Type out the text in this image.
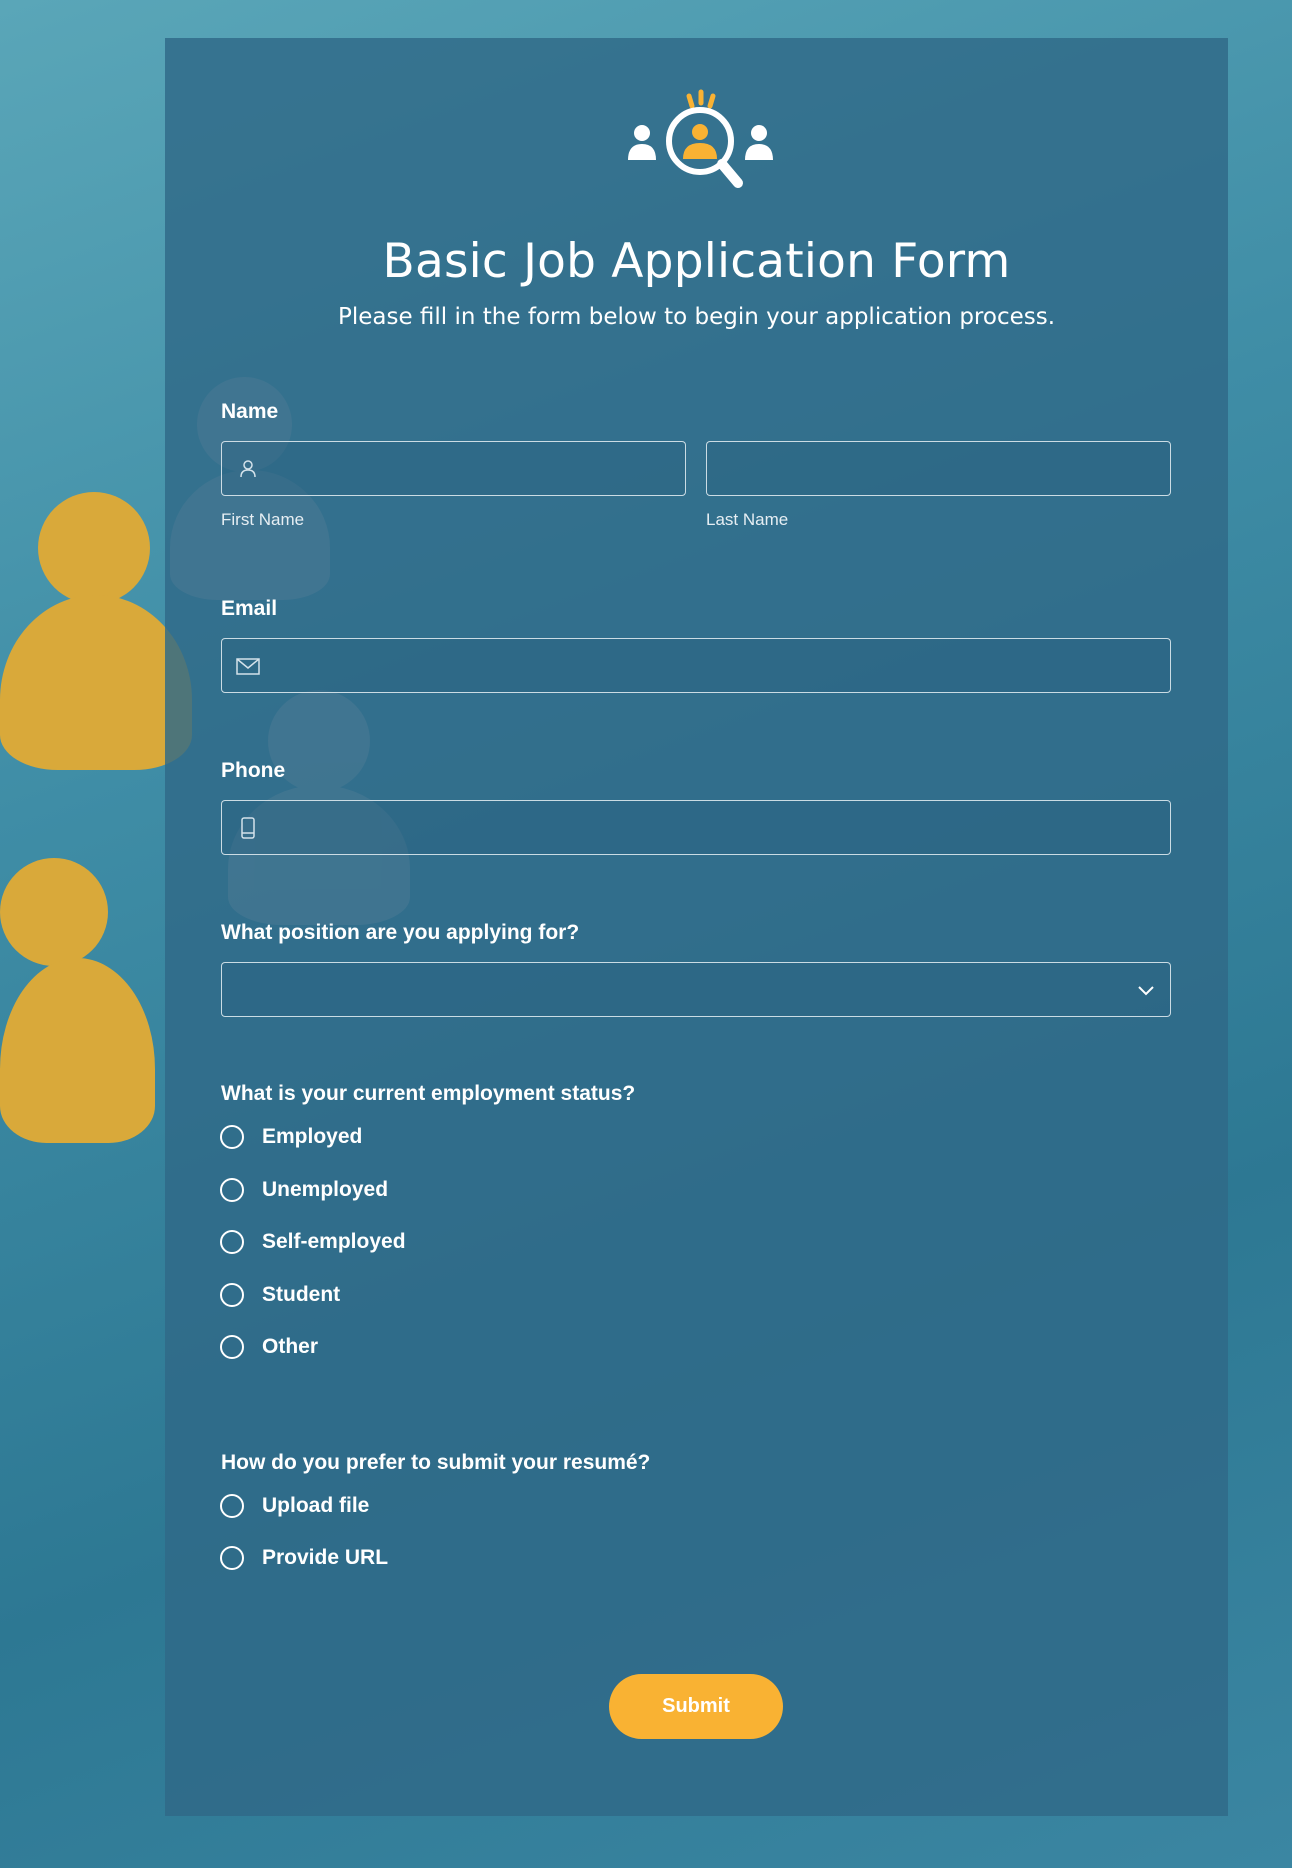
Basic Job Application Form
Please fill in the form below to begin your application process.
Name
First Name	Last Name
Email
Phone
What position are you applying for?
What is your current employment status?
Employed
Unemployed
Self-employed
Student
Other
How do you prefer to submit your resumé?
Upload file
Provide URL
Submit
